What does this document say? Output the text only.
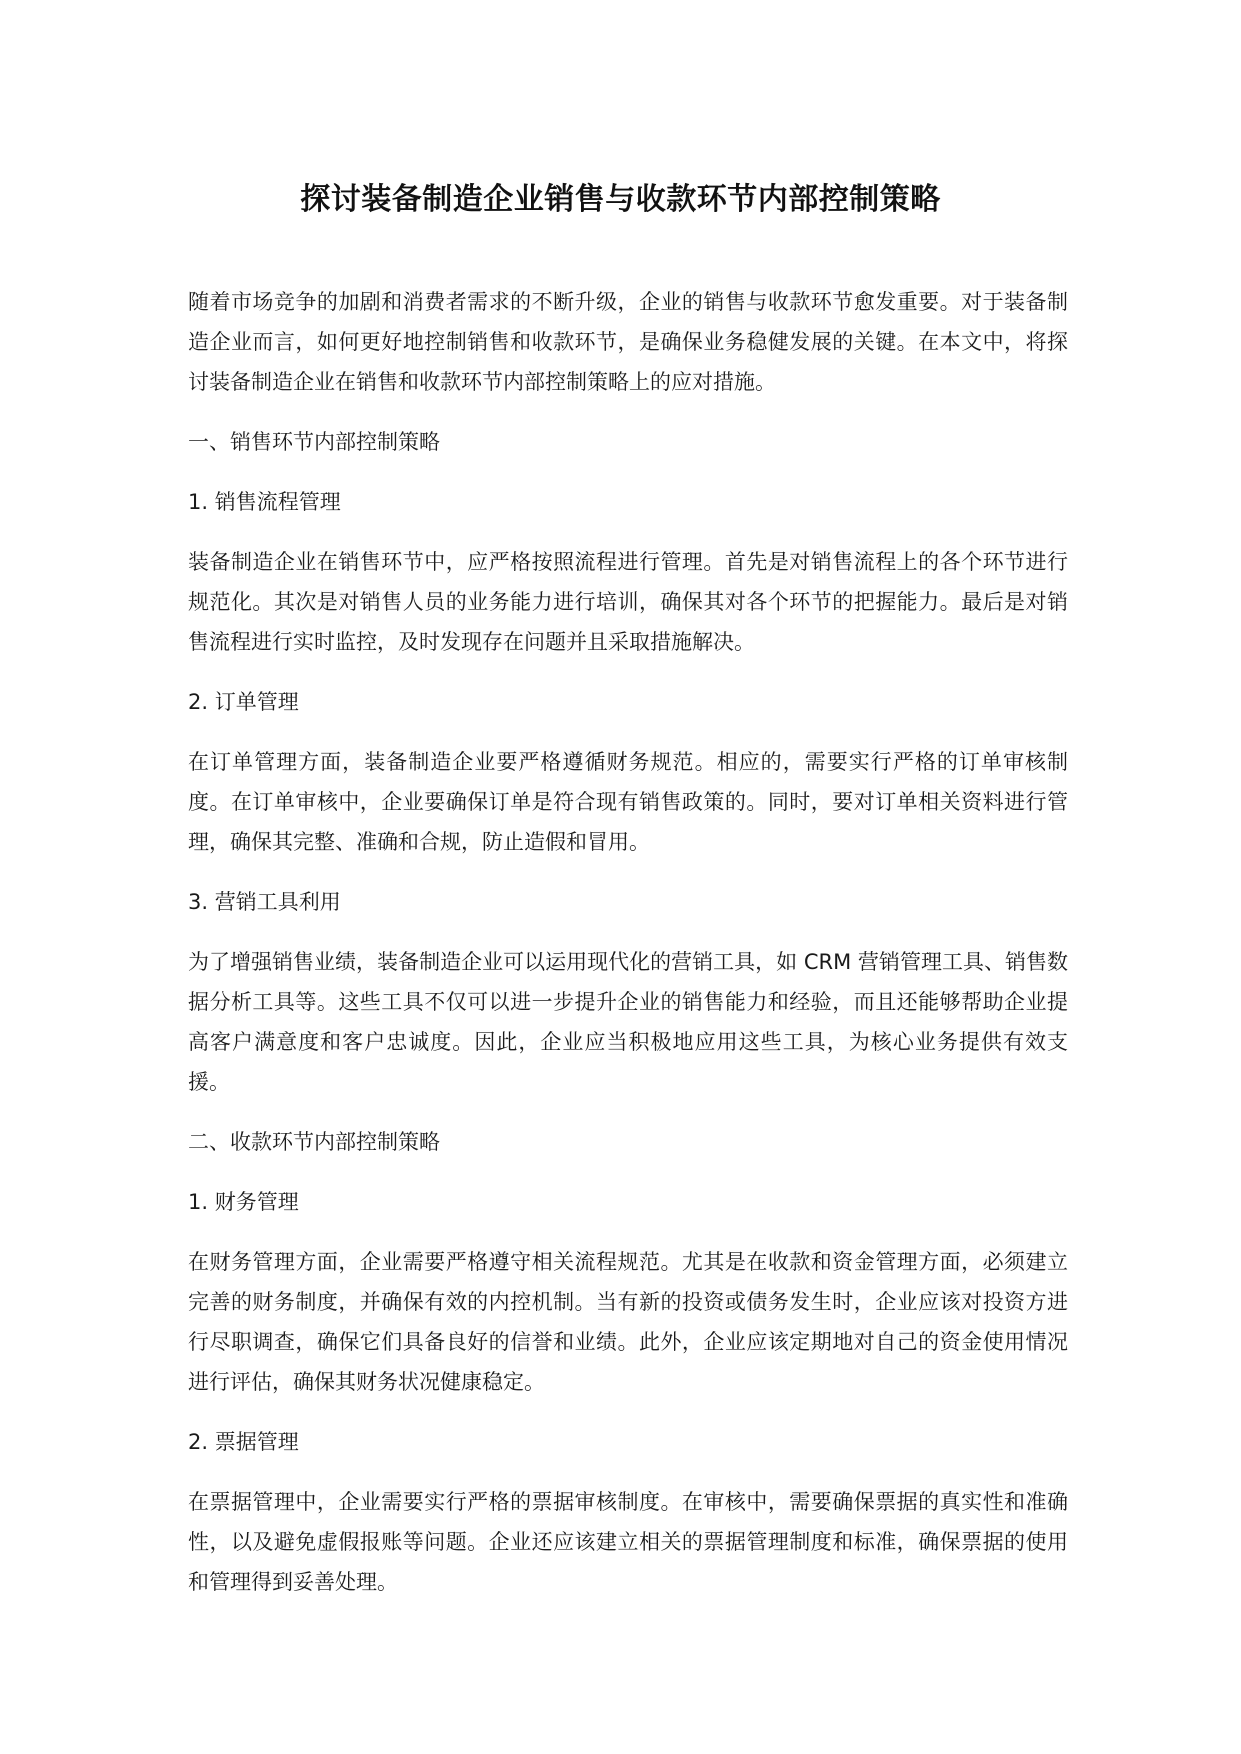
探讨装备制造企业销售与收款环节内部控制策略

随着市场竞争的加剧和消费者需求的不断升级，企业的销售与收款环节愈发重要。对于装备制造企业而言，如何更好地控制销售和收款环节，是确保业务稳健发展的关键。在本文中，将探讨装备制造企业在销售和收款环节内部控制策略上的应对措施。

一、销售环节内部控制策略
1. 销售流程管理

装备制造企业在销售环节中，应严格按照流程进行管理。首先是对销售流程上的各个环节进行规范化。其次是对销售人员的业务能力进行培训，确保其对各个环节的把握能力。最后是对销售流程进行实时监控，及时发现存在问题并且采取措施解决。

2. 订单管理

在订单管理方面，装备制造企业要严格遵循财务规范。相应的，需要实行严格的订单审核制度。在订单审核中，企业要确保订单是符合现有销售政策的。同时，要对订单相关资料进行管理，确保其完整、准确和合规，防止造假和冒用。

3. 营销工具利用

为了增强销售业绩，装备制造企业可以运用现代化的营销工具，如 CRM 营销管理工具、销售数据分析工具等。这些工具不仅可以进一步提升企业的销售能力和经验，而且还能够帮助企业提高客户满意度和客户忠诚度。因此，企业应当积极地应用这些工具，为核心业务提供有效支援。

二、收款环节内部控制策略
1. 财务管理

在财务管理方面，企业需要严格遵守相关流程规范。尤其是在收款和资金管理方面，必须建立完善的财务制度，并确保有效的内控机制。当有新的投资或债务发生时，企业应该对投资方进行尽职调查，确保它们具备良好的信誉和业绩。此外，企业应该定期地对自己的资金使用情况进行评估，确保其财务状况健康稳定。

2. 票据管理

在票据管理中，企业需要实行严格的票据审核制度。在审核中，需要确保票据的真实性和准确性，以及避免虚假报账等问题。企业还应该建立相关的票据管理制度和标准，确保票据的使用和管理得到妥善处理。
